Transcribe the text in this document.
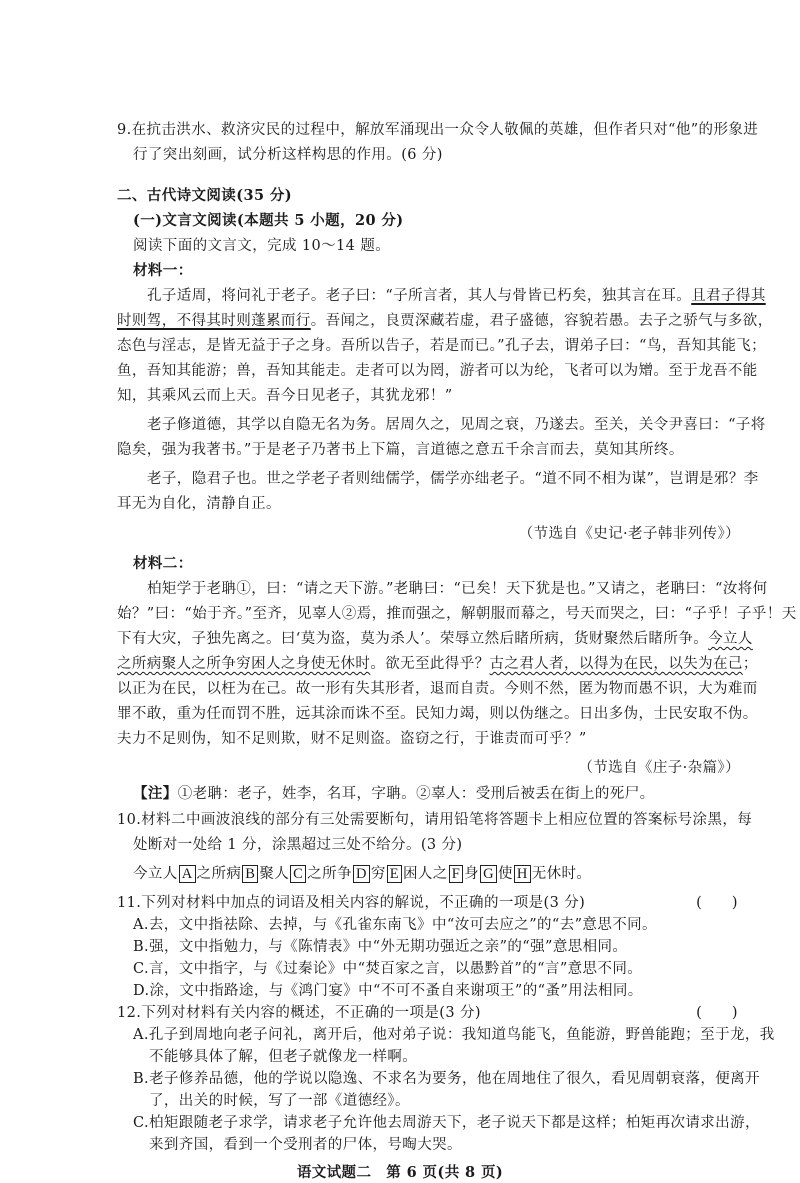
9.在抗击洪水、救济灾民的过程中，解放军涌现出一众令人敬佩的英雄，但作者只对“他”的形象进
行了突出刻画，试分析这样构思的作用。(6 分)
二、古代诗文阅读(35 分)
(一)文言文阅读(本题共 5 小题，20 分)
阅读下面的文言文，完成 10～14 题。
材料一：
孔子适周，将问礼于老子。老子曰：“子所言者，其人与骨皆已朽矣，独其言在耳。且君子得其
时则驾，不得其时则蓬累而行。吾闻之，良贾深藏若虚，君子盛德，容貌若愚。去子之骄气与多欲，
态色与淫志，是皆无益于子之身。吾所以告子，若是而已。”孔子去，谓弟子曰：“鸟，吾知其能飞；
鱼，吾知其能游；兽，吾知其能走。走者可以为罔，游者可以为纶，飞者可以为矰。至于龙吾不能
知，其乘风云而上天。吾今日见老子，其犹龙邪！”
老子修道德，其学以自隐无名为务。居周久之，见周之衰，乃遂去。至关，关令尹喜曰：“子将
隐矣，强为我著书。”于是老子乃著书上下篇，言道德之意五千余言而去，莫知其所终。
老子，隐君子也。世之学老子者则绌儒学，儒学亦绌老子。“道不同不相为谋”，岂谓是邪？李
耳无为自化，清静自正。
（节选自《史记·老子韩非列传》）
材料二：
柏矩学于老聃①，曰：“请之天下游。”老聃曰：“已矣！天下犹是也。”又请之，老聃曰：“汝将何
始？”曰：“始于齐。”至齐，见辜人②焉，推而强之，解朝服而幕之，号天而哭之，曰：“子乎！子乎！天
下有大灾，子独先离之。曰‘莫为盗，莫为杀人’。荣辱立然后睹所病，货财聚然后睹所争。今立人
之所病聚人之所争穷困人之身使无休时。欲无至此得乎？古之君人者，以得为在民，以失为在己；
以正为在民，以枉为在己。故一形有失其形者，退而自责。今则不然，匿为物而愚不识，大为难而
罪不敢，重为任而罚不胜，远其涂而诛不至。民知力竭，则以伪继之。日出多伪，士民安取不伪。
夫力不足则伪，知不足则欺，财不足则盗。盗窃之行，于谁责而可乎？”
（节选自《庄子·杂篇》）
【注】①老聃：老子，姓李，名耳，字聃。②辜人：受刑后被丢在街上的死尸。
10.材料二中画波浪线的部分有三处需要断句，请用铅笔将答题卡上相应位置的答案标号涂黑，每
处断对一处给 1 分，涂黑超过三处不给分。(3 分)
今立人 A 之所病 B 聚人 C 之所争 D 穷 E 困人之 F 身 G 使 H 无休时。
11.下列对材料中加点的词语及相关内容的解说，不正确的一项是(3 分)	(　　)
A.去，文中指祛除、去掉，与《孔雀东南飞》中“汝可去应之”的“去”意思不同。
B.强，文中指勉力，与《陈情表》中“外无期功强近之亲”的“强”意思相同。
C.言，文中指字，与《过秦论》中“焚百家之言，以愚黔首”的“言”意思不同。
D.涂，文中指路途，与《鸿门宴》中“不可不蚤自来谢项王”的“蚤”用法相同。
12.下列对材料有关内容的概述，不正确的一项是(3 分)	(　　)
A.孔子到周地向老子问礼，离开后，他对弟子说：我知道鸟能飞，鱼能游，野兽能跑；至于龙，我
不能够具体了解，但老子就像龙一样啊。
B.老子修养品德，他的学说以隐逸、不求名为要务，他在周地住了很久，看见周朝衰落，便离开
了，出关的时候，写了一部《道德经》。
C.柏矩跟随老子求学，请求老子允许他去周游天下，老子说天下都是这样；柏矩再次请求出游，
来到齐国，看到一个受刑者的尸体，号啕大哭。
语文试题二　第 6 页(共 8 页)
